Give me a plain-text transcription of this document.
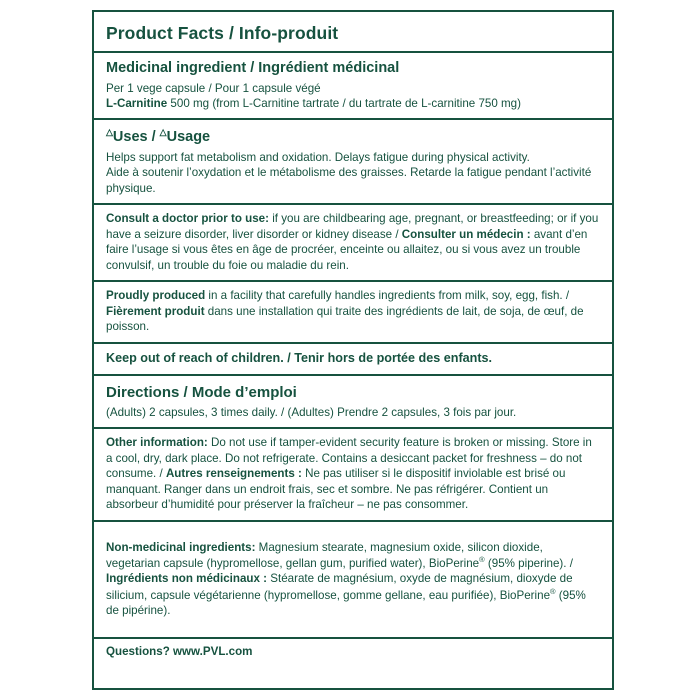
Product Facts / Info-produit
Medicinal ingredient / Ingrédient médicinal

Per 1 vege capsule / Pour 1 capsule végé

L-Carnitine 500 mg (from L-Carnitine tartrate / du tartrate de L-carnitine 750 mg)

△Uses / △Usage

Helps support fat metabolism and oxidation. Delays fatigue during physical activity.

Aide à soutenir l’oxydation et le métabolisme des graisses. Retarde la fatigue pendant l’activité physique.

Consult a doctor prior to use: if you are childbearing age, pregnant, or breastfeeding; or if you have a seizure disorder, liver disorder or kidney disease / Consulter un médecin : avant d’en faire l’usage si vous êtes en âge de procréer, enceinte ou allaitez, ou si vous avez un trouble convulsif, un trouble du foie ou maladie du rein.

Proudly produced in a facility that carefully handles ingredients from milk, soy, egg, fish. / Fièrement produit dans une installation qui traite des ingrédients de lait, de soja, de œuf, de poisson.

Keep out of reach of children. / Tenir hors de portée des enfants.
Directions / Mode d’emploi

(Adults) 2 capsules, 3 times daily. / (Adultes) Prendre 2 capsules, 3 fois par jour.

Other information: Do not use if tamper-evident security feature is broken or missing. Store in a cool, dry, dark place. Do not refrigerate. Contains a desiccant packet for freshness – do not consume. / Autres renseignements : Ne pas utiliser si le dispositif inviolable est brisé ou manquant. Ranger dans un endroit frais, sec et sombre. Ne pas réfrigérer. Contient un absorbeur d’humidité pour préserver la fraîcheur – ne pas consommer.

Non-medicinal ingredients: Magnesium stearate, magnesium oxide, silicon dioxide, vegetarian capsule (hypromellose, gellan gum, purified water), BioPerine® (95% piperine). / Ingrédients non médicinaux : Stéarate de magnésium, oxyde de magnésium, dioxyde de silicium, capsule végétarienne (hypromellose, gomme gellane, eau purifiée), BioPerine® (95% de pipérine).

Questions? www.PVL.com
